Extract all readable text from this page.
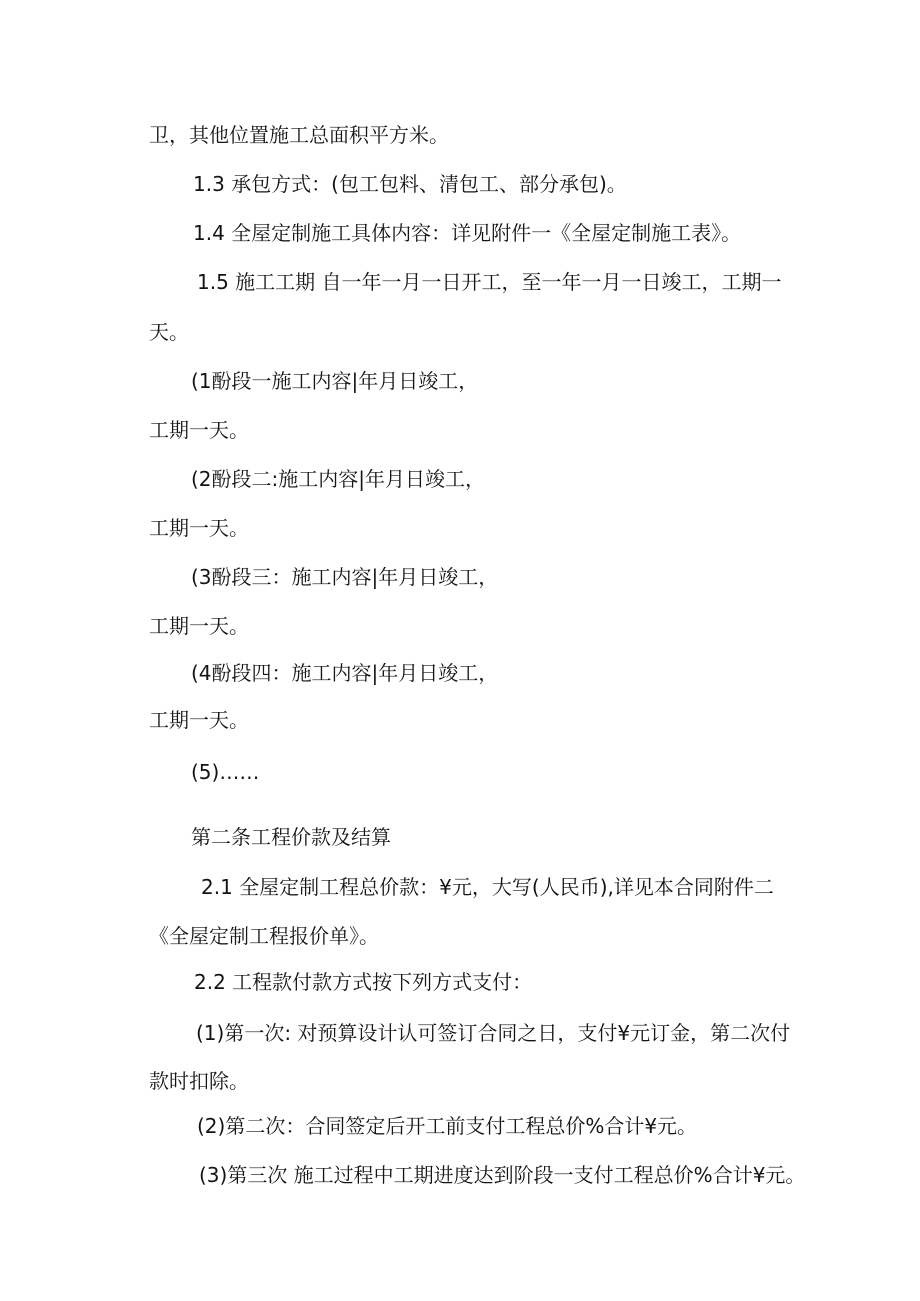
卫，其他位置施工总面积平方米。
1.3 承包方式：(包工包料、清包工、部分承包)。
1.4 全屋定制施工具体内容：详见附件一《全屋定制施工表》。
1.5 施工工期 自一年一月一日开工，至一年一月一日竣工，工期一
天。
(1酚段一施工内容|年月日竣工，
工期一天。
(2酚段二:施工内容|年月日竣工，
工期一天。
(3酚段三：施工内容|年月日竣工，
工期一天。
(4酚段四：施工内容|年月日竣工，
工期一天。
(5)……
第二条工程价款及结算
2.1 全屋定制工程总价款：¥元，大写(人民币),详见本合同附件二
《全屋定制工程报价单》。
2.2 工程款付款方式按下列方式支付：
(1)第一次: 对预算设计认可签订合同之日，支付¥元订金，第二次付
款时扣除。
(2)第二次：合同签定后开工前支付工程总价%合计¥元。
(3)第三次 施工过程中工期进度达到阶段一支付工程总价%合计¥元。
